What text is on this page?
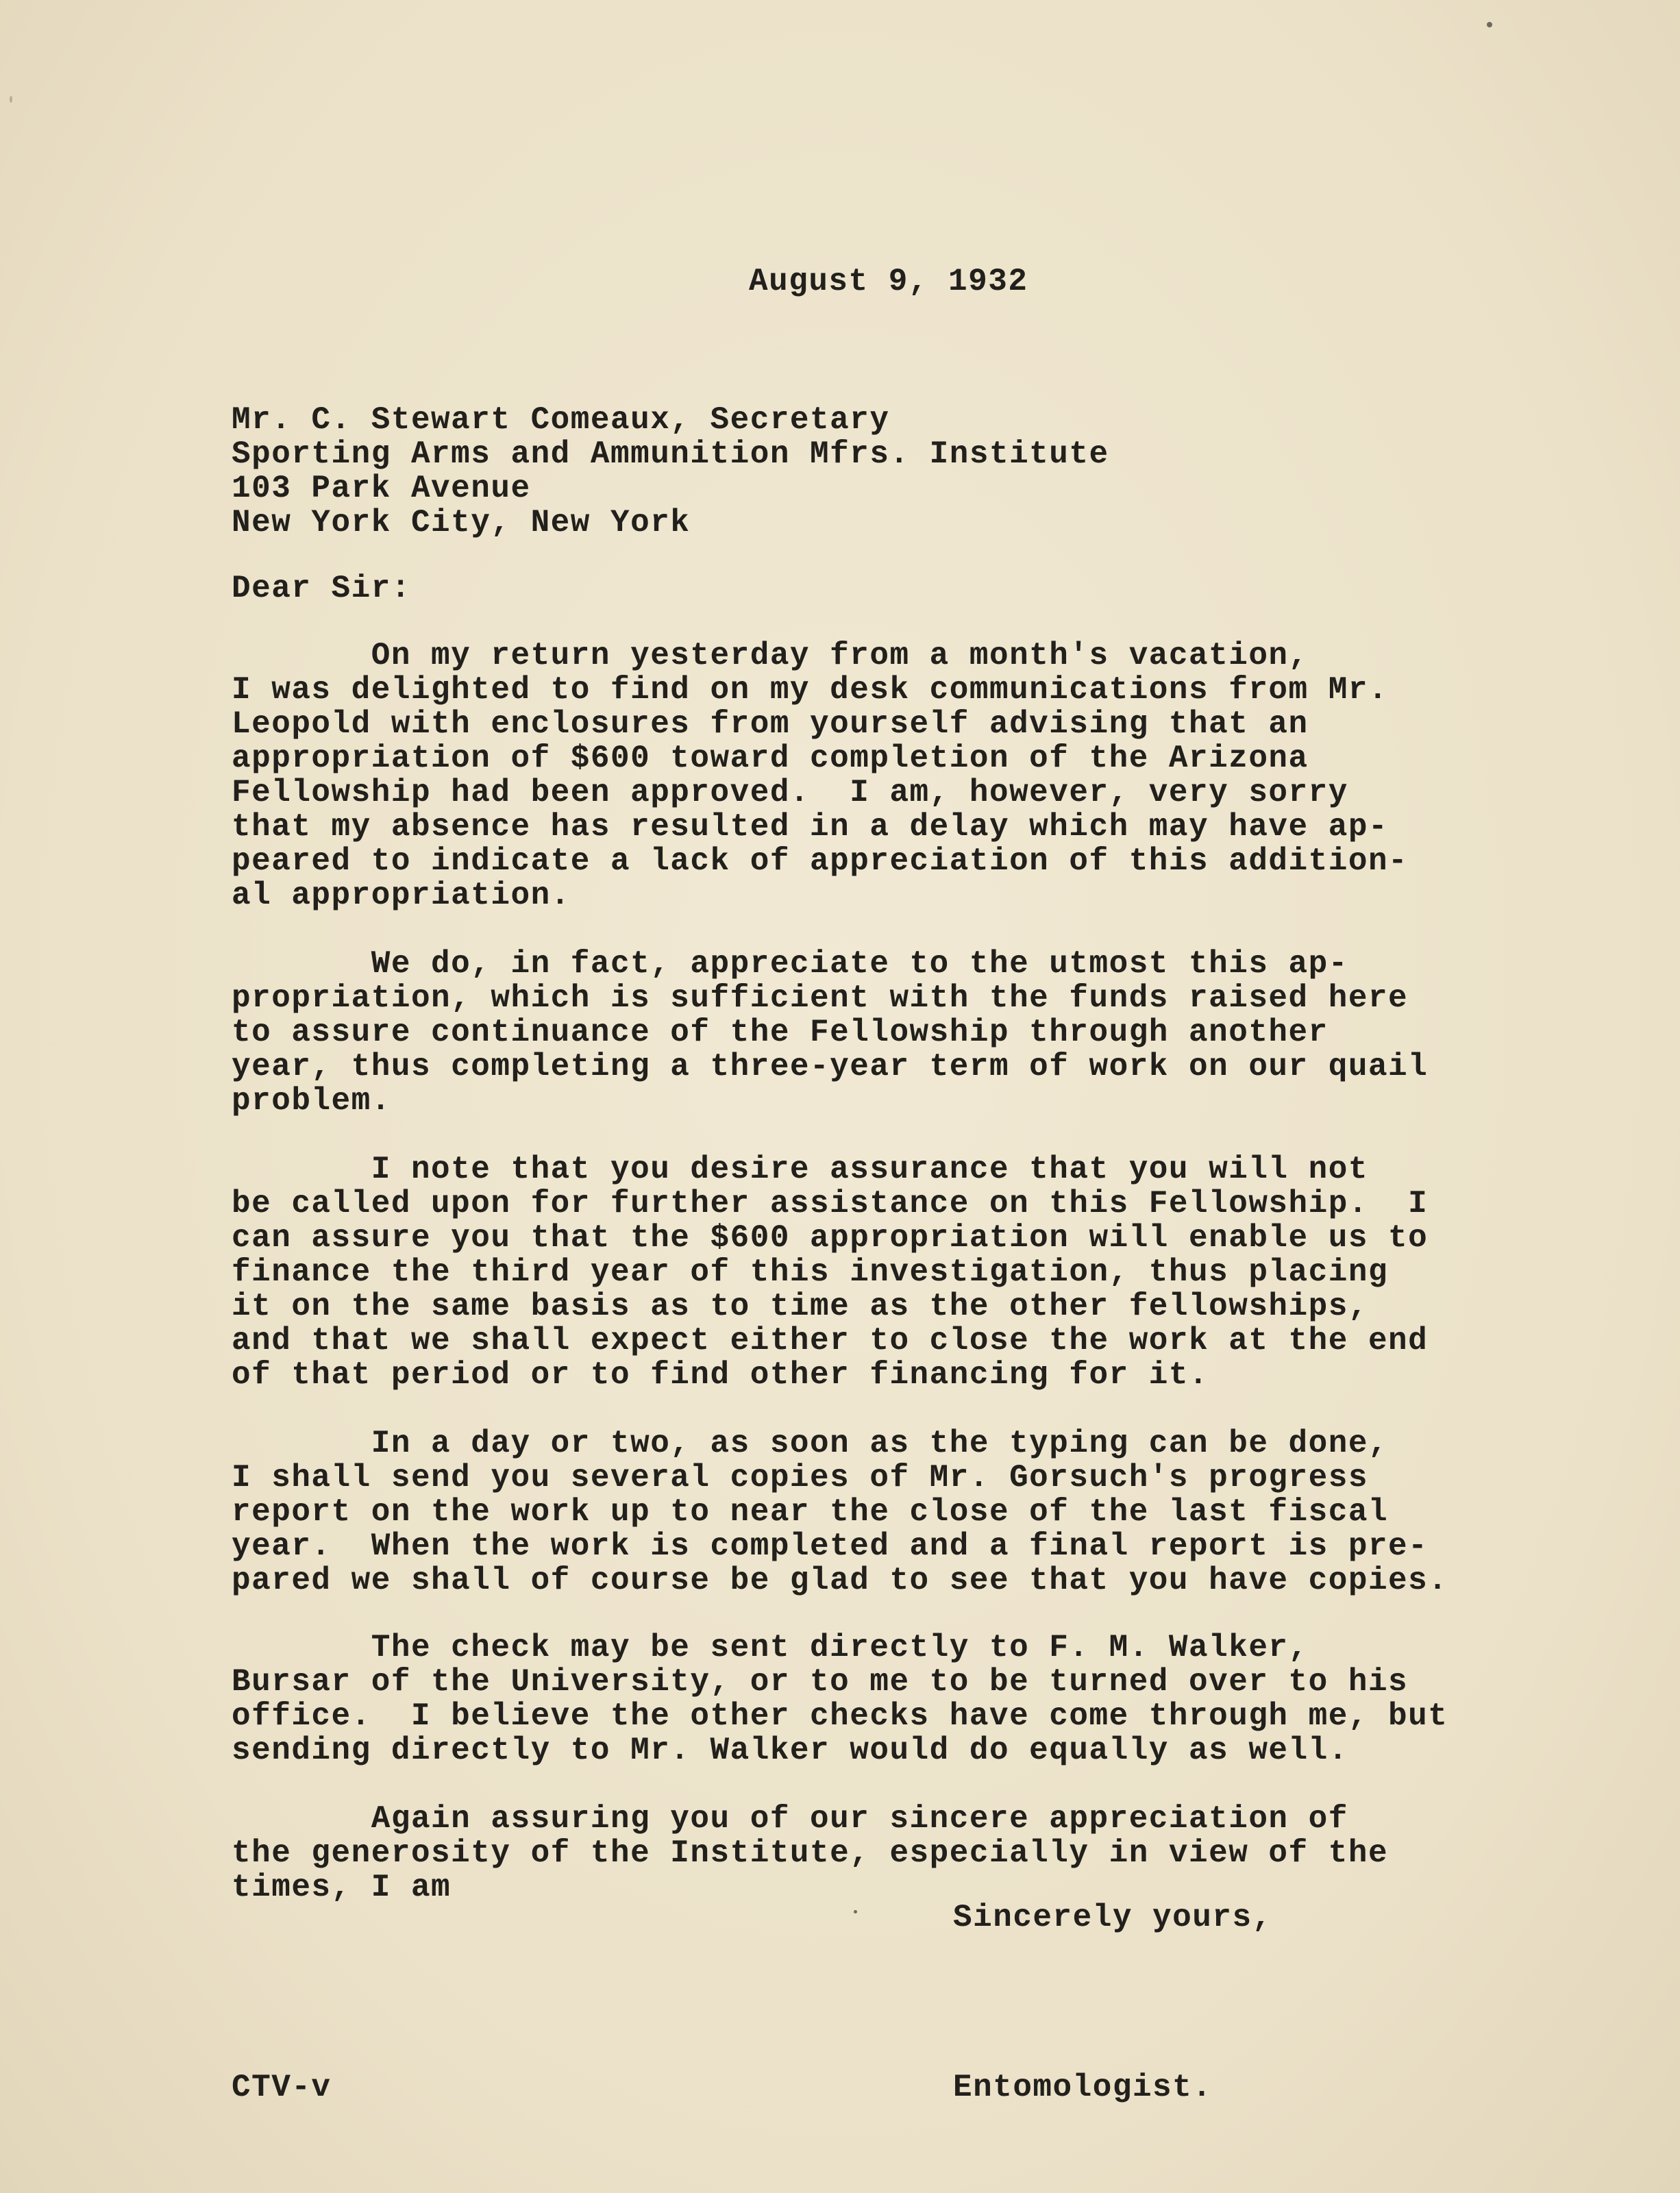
August 9, 1932
Mr. C. Stewart Comeaux, Secretary
Sporting Arms and Ammunition Mfrs. Institute
103 Park Avenue
New York City, New York
Dear Sir:
On my return yesterday from a month's vacation,
I was delighted to find on my desk communications from Mr.
Leopold with enclosures from yourself advising that an
appropriation of $600 toward completion of the Arizona
Fellowship had been approved.  I am, however, very sorry
that my absence has resulted in a delay which may have ap-
peared to indicate a lack of appreciation of this addition-
al appropriation.
We do, in fact, appreciate to the utmost this ap-
propriation, which is sufficient with the funds raised here
to assure continuance of the Fellowship through another
year, thus completing a three-year term of work on our quail
problem.
I note that you desire assurance that you will not
be called upon for further assistance on this Fellowship.  I
can assure you that the $600 appropriation will enable us to
finance the third year of this investigation, thus placing
it on the same basis as to time as the other fellowships,
and that we shall expect either to close the work at the end
of that period or to find other financing for it.
In a day or two, as soon as the typing can be done,
I shall send you several copies of Mr. Gorsuch's progress
report on the work up to near the close of the last fiscal
year.  When the work is completed and a final report is pre-
pared we shall of course be glad to see that you have copies.
The check may be sent directly to F. M. Walker,
Bursar of the University, or to me to be turned over to his
office.  I believe the other checks have come through me, but
sending directly to Mr. Walker would do equally as well.
Again assuring you of our sincere appreciation of
the generosity of the Institute, especially in view of the
times, I am
Sincerely yours,
CTV-v	Entomologist.
